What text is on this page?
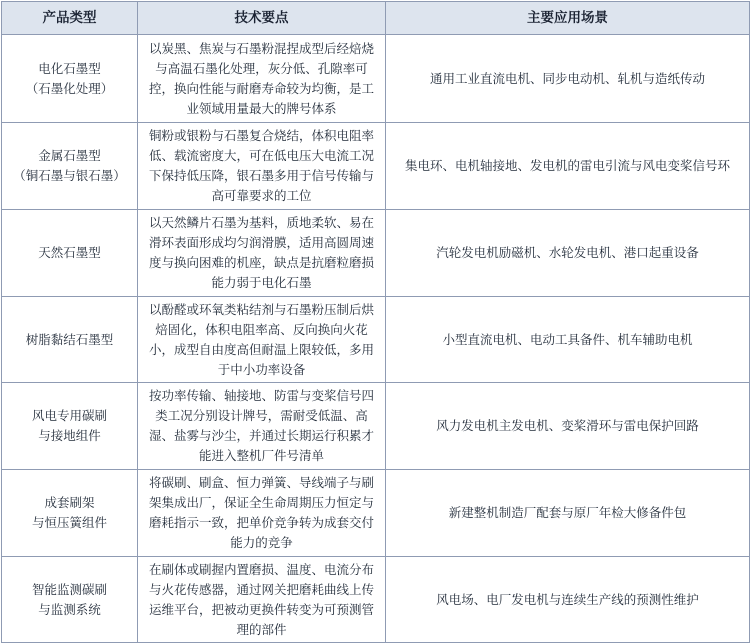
产品类型	技术要点	主要应用场景
电化石墨型
（石墨化处理）	以炭黑、焦炭与石墨粉混捏成型后经焙烧与高温石墨化处理，灰分低、孔隙率可控，换向性能与耐磨寿命较为均衡，是工业领域用量最大的牌号体系	通用工业直流电机、同步电动机、轧机与造纸传动
金属石墨型
（铜石墨与银石墨）	铜粉或银粉与石墨复合烧结，体积电阻率低、载流密度大，可在低电压大电流工况下保持低压降，银石墨多用于信号传输与高可靠要求的工位	集电环、电机轴接地、发电机的雷电引流与风电变桨信号环
天然石墨型	以天然鳞片石墨为基料，质地柔软、易在滑环表面形成均匀润滑膜，适用高圆周速度与换向困难的机座，缺点是抗磨粒磨损能力弱于电化石墨	汽轮发电机励磁机、水轮发电机、港口起重设备
树脂黏结石墨型	以酚醛或环氧类粘结剂与石墨粉压制后烘焙固化，体积电阻率高、反向换向火花小，成型自由度高但耐温上限较低，多用于中小功率设备	小型直流电机、电动工具备件、机车辅助电机
风电专用碳刷
与接地组件	按功率传输、轴接地、防雷与变桨信号四类工况分别设计牌号，需耐受低温、高湿、盐雾与沙尘，并通过长期运行积累才能进入整机厂件号清单	风力发电机主发电机、变桨滑环与雷电保护回路
成套刷架
与恒压簧组件	将碳刷、刷盒、恒力弹簧、导线端子与刷架集成出厂，保证全生命周期压力恒定与磨耗指示一致，把单价竞争转为成套交付能力的竞争	新建整机制造厂配套与原厂年检大修备件包
智能监测碳刷
与监测系统	在刷体或刷握内置磨损、温度、电流分布与火花传感器，通过网关把磨耗曲线上传运维平台，把被动更换件转变为可预测管理的部件	风电场、电厂发电机与连续生产线的预测性维护
